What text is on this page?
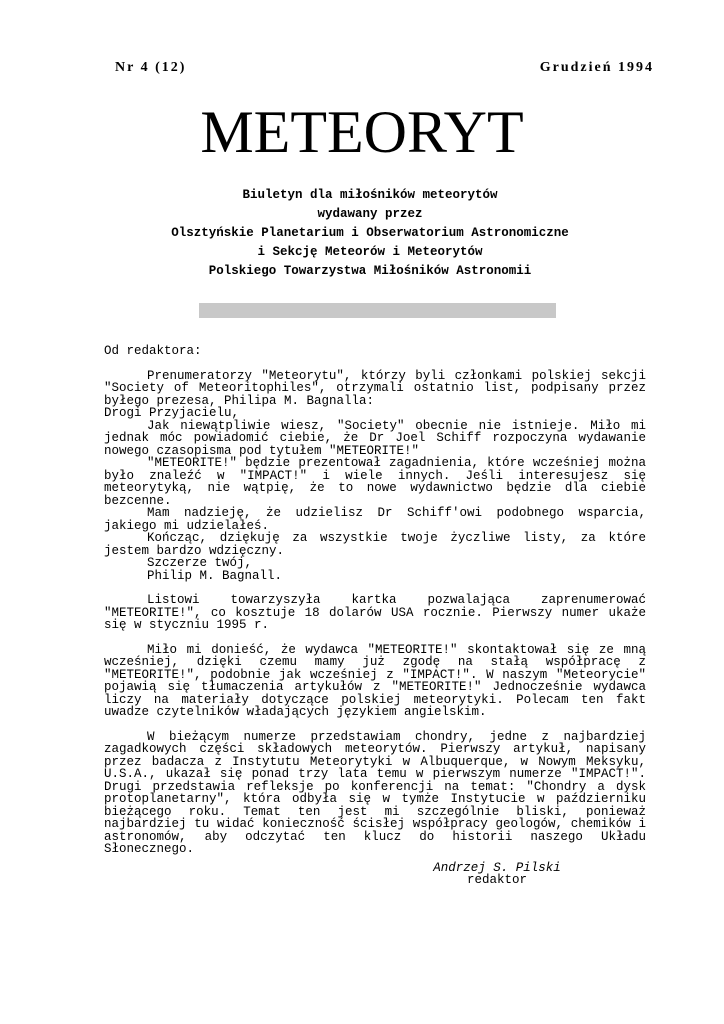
Nr 4 (12)	Grudzień 1994
METEORYT
Biuletyn dla miłośników meteorytów
wydawany przez
Olsztyńskie Planetarium i Obserwatorium Astronomiczne
i Sekcję Meteorów i Meteorytów
Polskiego Towarzystwa Miłośników Astronomii
Od redaktora:
Prenumeratorzy "Meteorytu", którzy byli członkami polskiej sekcji "Society of Meteoritophiles", otrzymali ostatnio list, podpisany przez byłego prezesa, Philipa M. Bagnalla:
Drogi Przyjacielu,
Jak niewątpliwie wiesz, "Society" obecnie nie istnieje. Miło mi jednak móc powiadomić ciebie, że Dr Joel Schiff rozpoczyna wydawanie nowego czasopisma pod tytułem "METEORITE!"
"METEORITE!" będzie prezentował zagadnienia, które wcześniej można było znaleźć w "IMPACT!" i wiele innych. Jeśli interesujesz się meteorytyką, nie wątpię, że to nowe wydawnictwo będzie dla ciebie bezcenne.
Mam nadzieję, że udzielisz Dr Schiff'owi podobnego wsparcia, jakiego mi udzielałeś.
Kończąc, dziękuję za wszystkie twoje życzliwe listy, za które jestem bardzo wdzięczny.
Szczerze twój,
Philip M. Bagnall.
Listowi towarzyszyła kartka pozwalająca zaprenumerować "METEORITE!", co kosztuje 18 dolarów USA rocznie. Pierwszy numer ukaże się w styczniu 1995 r.
Miło mi donieść, że wydawca "METEORITE!" skontaktował się ze mną wcześniej, dzięki czemu mamy już zgodę na stałą współpracę z "METEORITE!", podobnie jak wcześniej z "IMPACT!". W naszym "Meteorycie" pojawią się tłumaczenia artykułów z "METEORITE!" Jednocześnie wydawca liczy na materiały dotyczące polskiej meteorytyki. Polecam ten fakt uwadze czytelników władających językiem angielskim.
W bieżącym numerze przedstawiam chondry, jedne z najbardziej zagadkowych części składowych meteorytów. Pierwszy artykuł, napisany przez badacza z Instytutu Meteorytyki w Albuquerque, w Nowym Meksyku, U.S.A., ukazał się ponad trzy lata temu w pierwszym numerze "IMPACT!". Drugi przedstawia refleksje po konferencji na temat: "Chondry a dysk protoplanetarny", która odbyła się w tymże Instytucie w październiku bieżącego roku. Temat ten jest mi szczególnie bliski, ponieważ najbardziej tu widać konieczność ścisłej współpracy geologów, chemików i astronomów, aby odczytać ten klucz do historii naszego Układu Słonecznego.
Andrzej S. Pilski
redaktor
